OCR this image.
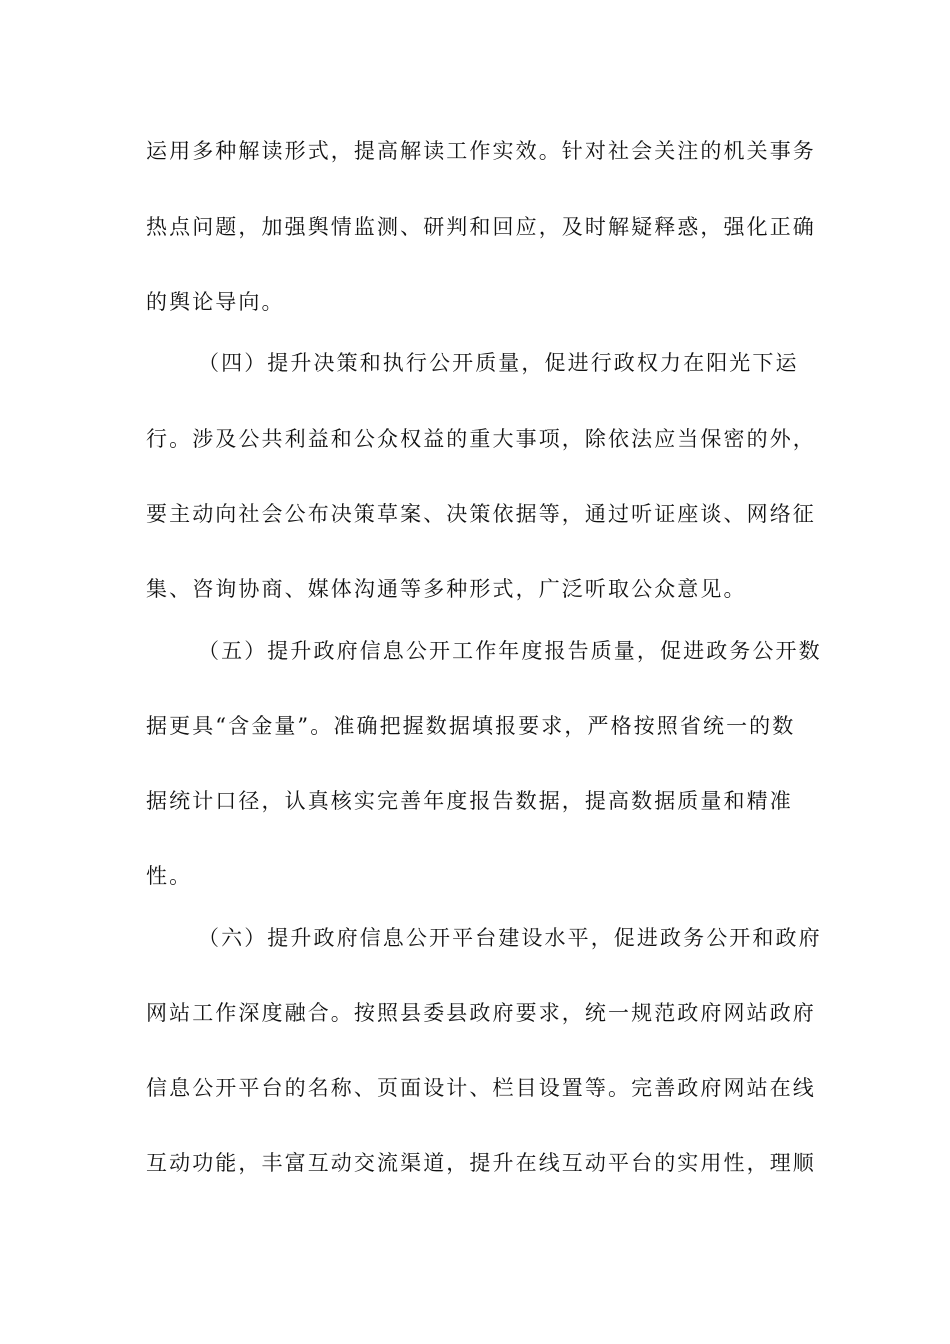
运用多种解读形式，提高解读工作实效。针对社会关注的机关事务

热点问题，加强舆情监测、研判和回应，及时解疑释惑，强化正确

的舆论导向。

（四）提升决策和执行公开质量，促进行政权力在阳光下运

行。涉及公共利益和公众权益的重大事项，除依法应当保密的外，

要主动向社会公布决策草案、决策依据等，通过听证座谈、网络征

集、咨询协商、媒体沟通等多种形式，广泛听取公众意见。

（五）提升政府信息公开工作年度报告质量，促进政务公开数

据更具“含金量”。准确把握数据填报要求，严格按照省统一的数

据统计口径，认真核实完善年度报告数据，提高数据质量和精准

性。

（六）提升政府信息公开平台建设水平，促进政务公开和政府

网站工作深度融合。按照县委县政府要求，统一规范政府网站政府

信息公开平台的名称、页面设计、栏目设置等。完善政府网站在线

互动功能，丰富互动交流渠道，提升在线互动平台的实用性，理顺
